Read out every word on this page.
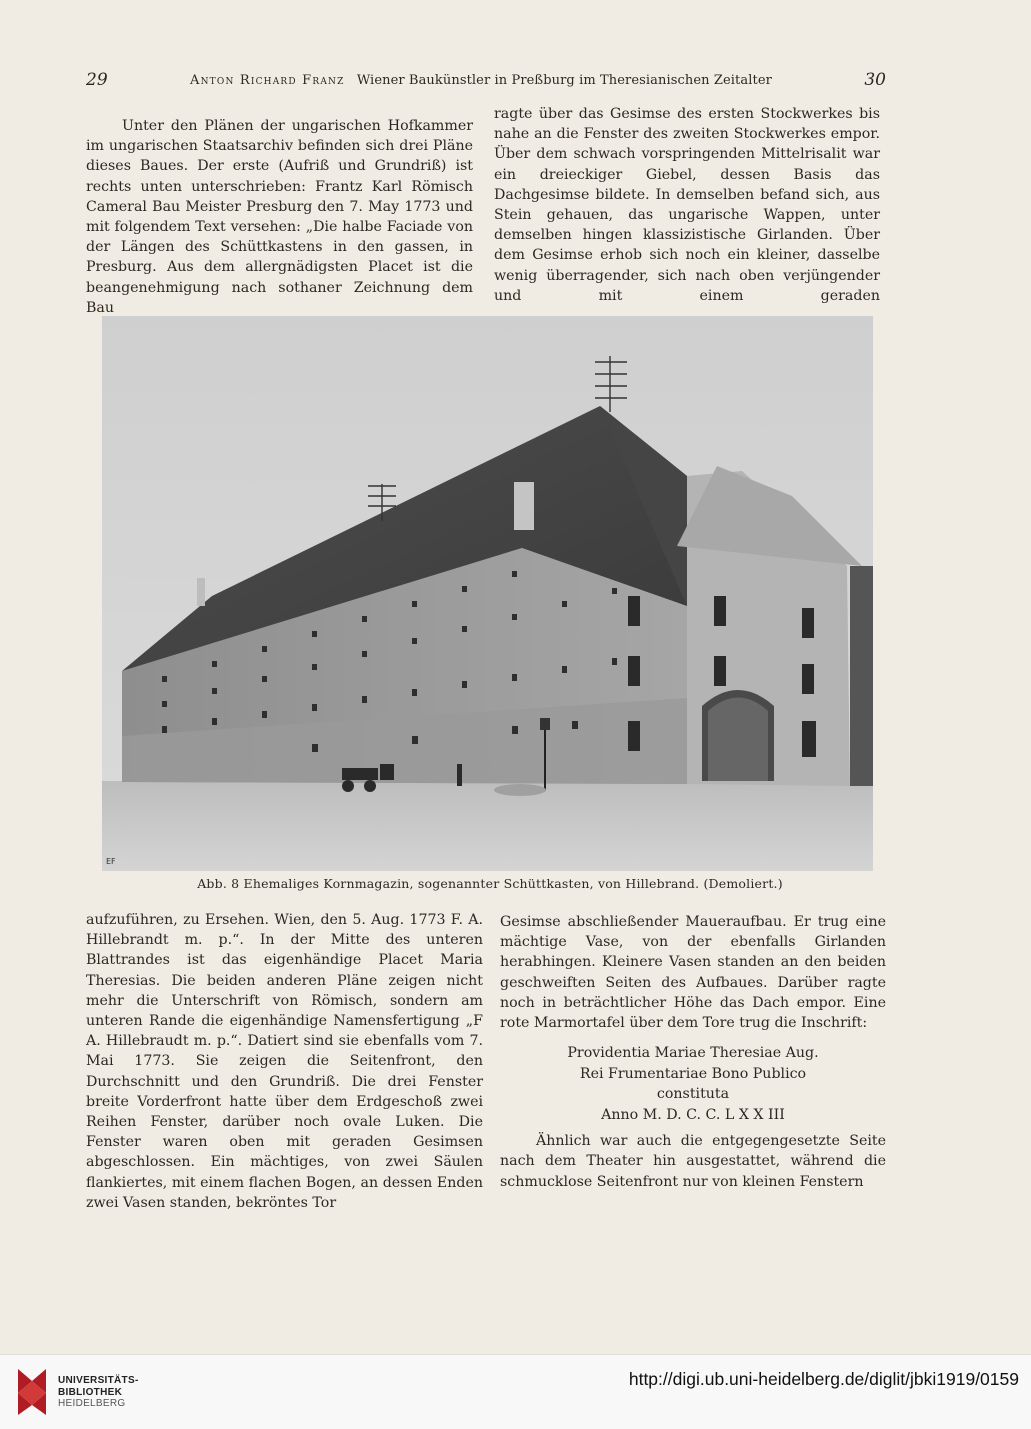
29	Anton Richard Franz Wiener Baukünstler in Preßburg im Theresianischen Zeitalter	30

Unter den Plänen der ungarischen Hofkammer im ungarischen Staatsarchiv befinden sich drei Pläne dieses Baues. Der erste (Aufriß und Grundriß) ist rechts unten unterschrieben: Frantz Karl Römisch Cameral Bau Meister Presburg den 7. May 1773 und mit folgendem Text versehen: „Die halbe Faciade von der Längen des Schüttkastens in den gassen, in Presburg. Aus dem allergnädigsten Placet ist die beangenehmigung nach sothaner Zeichnung dem Bau

ragte über das Gesimse des ersten Stockwerkes bis nahe an die Fenster des zweiten Stockwerkes empor. Über dem schwach vorspringenden Mittelrisalit war ein dreieckiger Giebel, dessen Basis das Dachgesimse bildete. In demselben befand sich, aus Stein gehauen, das ungarische Wappen, unter demselben hingen klassizistische Girlanden. Über dem Gesimse erhob sich noch ein kleiner, dasselbe wenig überragender, sich nach oben verjüngender und mit einem geraden

EF
Abb. 8 Ehemaliges Kornmagazin, sogenannter Schüttkasten, von Hillebrand. (Demoliert.)

aufzuführen, zu Ersehen. Wien, den 5. Aug. 1773 F. A. Hillebrandt m. p.“. In der Mitte des unteren Blattrandes ist das eigenhändige Placet Maria Theresias. Die beiden anderen Pläne zeigen nicht mehr die Unterschrift von Römisch, sondern am unteren Rande die eigenhändige Namensfertigung „F A. Hillebraudt m. p.“. Datiert sind sie ebenfalls vom 7. Mai 1773. Sie zeigen die Seitenfront, den Durchschnitt und den Grundriß. Die drei Fenster breite Vorderfront hatte über dem Erdgeschoß zwei Reihen Fenster, darüber noch ovale Luken. Die Fenster waren oben mit geraden Gesimsen abgeschlossen. Ein mächtiges, von zwei Säulen flankiertes, mit einem flachen Bogen, an dessen Enden zwei Vasen standen, bekröntes Tor

Gesimse abschließender Maueraufbau. Er trug eine mächtige Vase, von der ebenfalls Girlanden herabhingen. Kleinere Vasen standen an den beiden geschweiften Seiten des Aufbaues. Darüber ragte noch in beträchtlicher Höhe das Dach empor. Eine rote Marmortafel über dem Tore trug die Inschrift:

Providentia Mariae Theresiae Aug.
Rei Frumentariae Bono Publico
constituta
Anno M. D. C. C. L X X III

Ähnlich war auch die entgegengesetzte Seite nach dem Theater hin ausgestattet, während die schmucklose Seitenfront nur von kleinen Fenstern

UNIVERSITÄTS-
BIBLIOTHEK
HEIDELBERG
http://digi.ub.uni-heidelberg.de/diglit/jbki1919/0159
